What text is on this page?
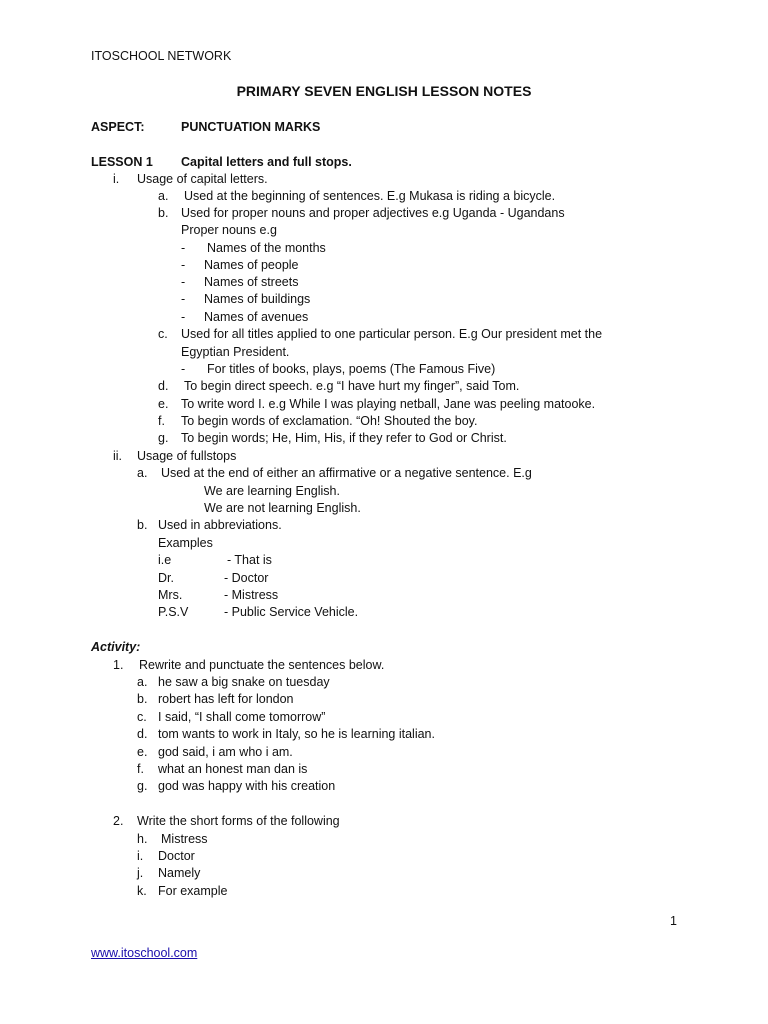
ITOSCHOOL NETWORK
PRIMARY SEVEN ENGLISH LESSON NOTES
ASPECT:	PUNCTUATION MARKS
LESSON 1 Capital letters and full stops.
i. Usage of capital letters.
a. Used at the beginning of sentences. E.g Mukasa is riding a bicycle.
b. Used for proper nouns and proper adjectives e.g Uganda - Ugandans
Proper nouns e.g
- Names of the months
- Names of people
- Names of streets
- Names of buildings
- Names of avenues
c. Used for all titles applied to one particular person. E.g Our president met the
Egyptian President.
- For titles of books, plays, poems (The Famous Five)
d. To begin direct speech. e.g “I have hurt my finger”, said Tom.
e. To write word I. e.g While I was playing netball, Jane was peeling matooke.
f. To begin words of exclamation. “Oh! Shouted the boy.
g. To begin words; He, Him, His, if they refer to God or Christ.
ii. Usage of fullstops
a. Used at the end of either an affirmative or a negative sentence. E.g
We are learning English.
We are not learning English.
b. Used in abbreviations.
Examples
i.e	- That is
Dr.	- Doctor
Mrs.	- Mistress
P.S.V	- Public Service Vehicle.
Activity:
1. Rewrite and punctuate the sentences below.
a. he saw a big snake on tuesday
b. robert has left for london
c. I said, “I shall come tomorrow”
d. tom wants to work in Italy, so he is learning italian.
e. god said, i am who i am.
f. what an honest man dan is
g. god was happy with his creation
2. Write the short forms of the following
h. Mistress
i. Doctor
j. Namely
k. For example
1
www.itoschool.com
